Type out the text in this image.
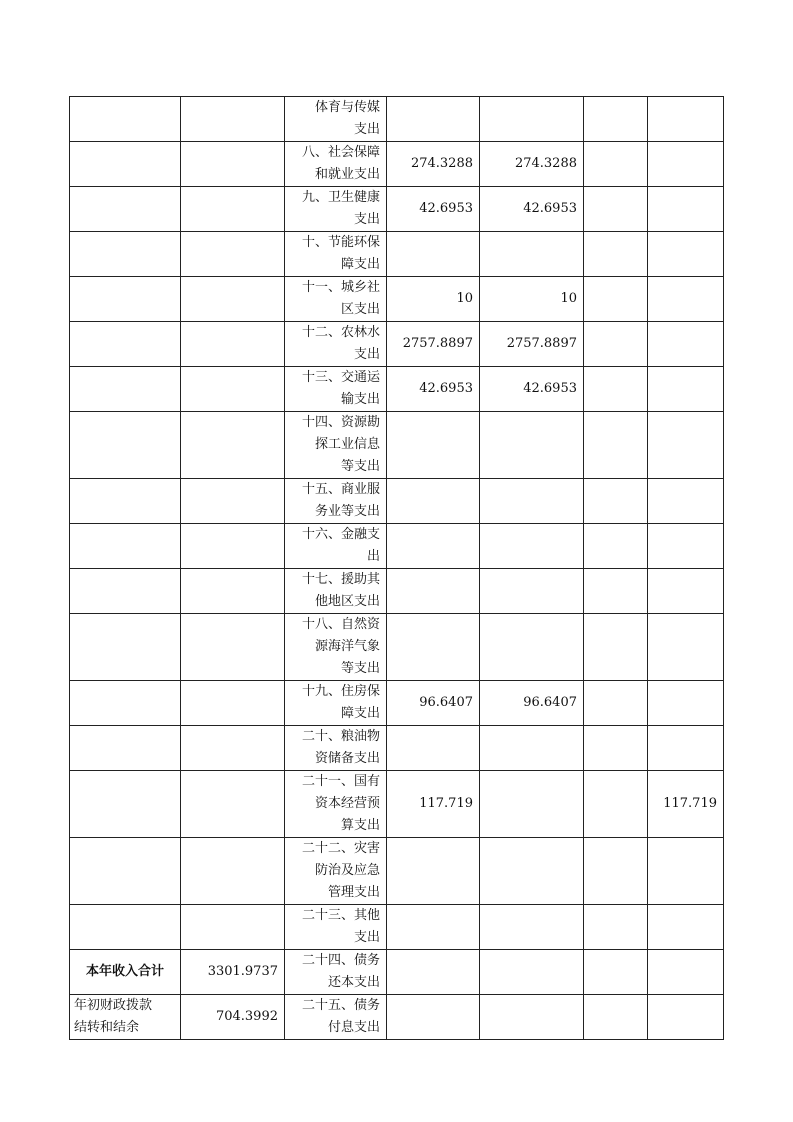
		体育与传媒
支出				

		八、社会保障
和就业支出	274.3288	274.3288		

		九、卫生健康
支出	42.6953	42.6953		

		十、节能环保
障支出				

		十一、城乡社
区支出	10	10		

		十二、农林水
支出	2757.8897	2757.8897		

		十三、交通运
输支出	42.6953	42.6953		

		十四、资源勘
探工业信息
等支出				

		十五、商业服
务业等支出				

		十六、金融支
出				

		十七、援助其
他地区支出				

		十八、自然资
源海洋气象
等支出				

		十九、住房保
障支出	96.6407	96.6407		

		二十、粮油物
资储备支出				

		二十一、国有
资本经营预
算支出	117.719			117.719

		二十二、灾害
防治及应急
管理支出				

		二十三、其他
支出				

本年收入合计	3301.9737	二十四、债务
还本支出				

年初财政拨款
结转和结余	704.3992	二十五、债务
付息支出				
